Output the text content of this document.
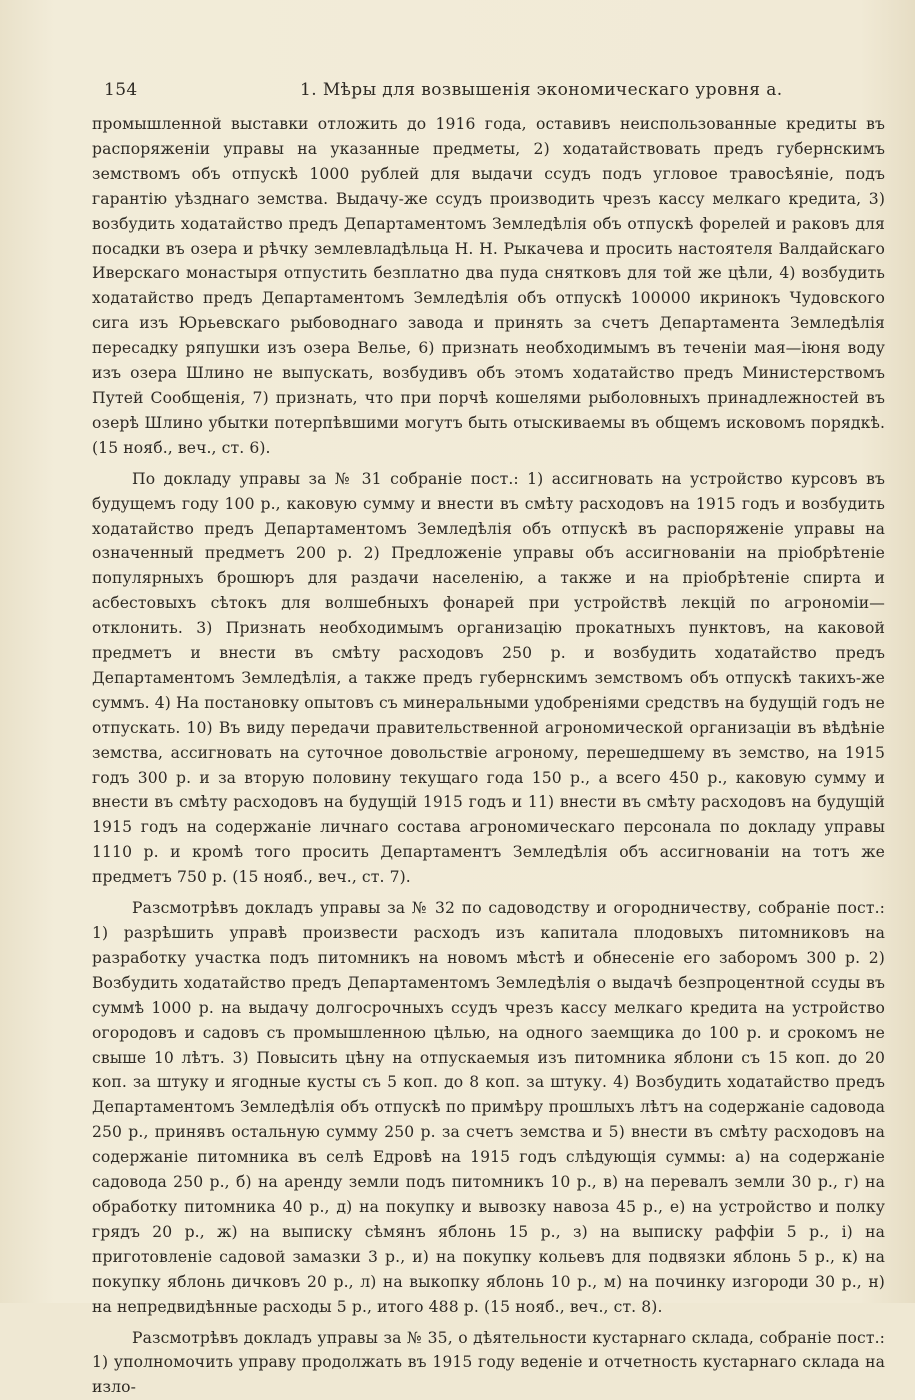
154	1. Мѣры для возвышенія экономическаго уровня а.

промышленной выставки отложить до 1916 года, оставивъ неиспользованные кредиты въ распоряженіи управы на указанные предметы, 2) ходатайствовать предъ губернскимъ земствомъ объ отпускѣ 1000 рублей для выдачи ссудъ подъ угловое травосѣяніе, подъ гарантію уѣзднаго земства. Выдачу-же ссудъ производить чрезъ кассу мелкаго кредита, 3) возбудить ходатайство предъ Департаментомъ Земледѣлія объ отпускѣ форелей и раковъ для посадки въ озера и рѣчку землевладѣльца Н. Н. Рыкачева и просить настоятеля Валдайскаго Иверскаго монастыря отпустить безплатно два пуда снятковъ для той же цѣли, 4) возбудить ходатайство предъ Департаментомъ Земледѣлія объ отпускѣ 100000 икринокъ Чудовского сига изъ Юрьевскаго рыбоводнаго завода и принять за счетъ Департамента Земледѣлія пересадку ряпушки изъ озера Велье, 6) признать необходимымъ въ теченіи мая—іюня воду изъ озера Шлино не выпускать, возбудивъ объ этомъ ходатайство предъ Министерствомъ Путей Сообщенія, 7) признать, что при порчѣ кошелями рыболовныхъ принадлежностей въ озерѣ Шлино убытки потерпѣвшими могутъ быть отыскиваемы въ общемъ исковомъ порядкѣ. (15 нояб., веч., ст. 6).

По докладу управы за № 31 собраніе пост.: 1) ассигновать на устройство курсовъ въ будущемъ году 100 р., каковую сумму и внести въ смѣту расходовъ на 1915 годъ и возбудить ходатайство предъ Департаментомъ Земледѣлія объ отпускѣ въ распоряженіе управы на означенный предметъ 200 р. 2) Предложеніе управы объ ассигнованіи на пріобрѣтеніе популярныхъ брошюръ для раздачи населенію, а также и на пріобрѣтеніе спирта и асбестовыхъ сѣтокъ для волшебныхъ фонарей при устройствѣ лекцій по агрономіи—отклонить. 3) Признать необходимымъ организацію прокатныхъ пунктовъ, на каковой предметъ и внести въ смѣту расходовъ 250 р. и возбудить ходатайство предъ Департаментомъ Земледѣлія, а также предъ губернскимъ земствомъ объ отпускѣ такихъ-же суммъ. 4) На постановку опытовъ съ минеральными удобреніями средствъ на будущій годъ не отпускать. 10) Въ виду передачи правительственной агрономической организаціи въ вѣдѣніе земства, ассигновать на суточное довольствіе агроному, перешедшему въ земство, на 1915 годъ 300 р. и за вторую половину текущаго года 150 р., а всего 450 р., каковую сумму и внести въ смѣту расходовъ на будущій 1915 годъ и 11) внести въ смѣту расходовъ на будущій 1915 годъ на содержаніе личнаго состава агрономическаго персонала по докладу управы 1110 р. и кромѣ того просить Департаментъ Земледѣлія объ ассигнованіи на тотъ же предметъ 750 р. (15 нояб., веч., ст. 7).

Разсмотрѣвъ докладъ управы за № 32 по садоводству и огородничеству, собраніе пост.: 1) разрѣшить управѣ произвести расходъ изъ капитала плодовыхъ питомниковъ на разработку участка подъ питомникъ на новомъ мѣстѣ и обнесеніе его заборомъ 300 р. 2) Возбудить ходатайство предъ Департаментомъ Земледѣлія о выдачѣ безпроцентной ссуды въ суммѣ 1000 р. на выдачу долгосрочныхъ ссудъ чрезъ кассу мелкаго кредита на устройство огородовъ и садовъ съ промышленною цѣлью, на одного заемщика до 100 р. и срокомъ не свыше 10 лѣтъ. 3) Повысить цѣну на отпускаемыя изъ питомника яблони съ 15 коп. до 20 коп. за штуку и ягодные кусты съ 5 коп. до 8 коп. за штуку. 4) Возбудить ходатайство предъ Департаментомъ Земледѣлія объ отпускѣ по примѣру прошлыхъ лѣтъ на содержаніе садовода 250 р., принявъ остальную сумму 250 р. за счетъ земства и 5) внести въ смѣту расходовъ на содержаніе питомника въ селѣ Едровѣ на 1915 годъ слѣдующія суммы: а) на содержаніе садовода 250 р., б) на аренду земли подъ питомникъ 10 р., в) на перевалъ земли 30 р., г) на обработку питомника 40 р., д) на покупку и вывозку навоза 45 р., е) на устройство и полку грядъ 20 р., ж) на выписку сѣмянъ яблонь 15 р., з) на выписку раффіи 5 р., і) на приготовленіе садовой замазки 3 р., и) на покупку кольевъ для подвязки яблонь 5 р., к) на покупку яблонь дичковъ 20 р., л) на выкопку яблонь 10 р., м) на починку изгороди 30 р., н) на непредвидѣнные расходы 5 р., итого 488 р. (15 нояб., веч., ст. 8).

Разсмотрѣвъ докладъ управы за № 35, о дѣятельности кустарнаго склада, собраніе пост.: 1) уполномочить управу продолжать въ 1915 году веденіе и отчетность кустарнаго склада на изло-
